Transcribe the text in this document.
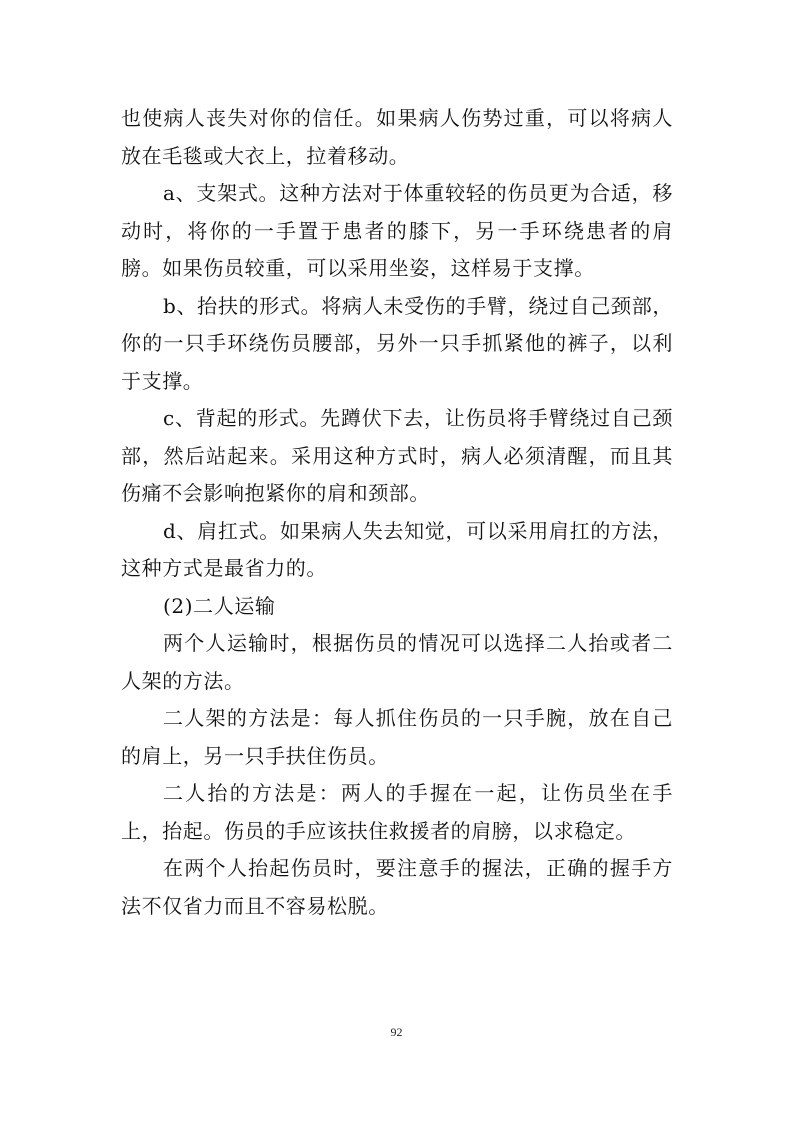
也使病人丧失对你的信任。如果病人伤势过重，可以将病人放在毛毯或大衣上，拉着移动。

a、支架式。这种方法对于体重较轻的伤员更为合适，移动时，将你的一手置于患者的膝下，另一手环绕患者的肩膀。如果伤员较重，可以采用坐姿，这样易于支撑。

b、抬扶的形式。将病人未受伤的手臂，绕过自己颈部，你的一只手环绕伤员腰部，另外一只手抓紧他的裤子，以利于支撑。

c、背起的形式。先蹲伏下去，让伤员将手臂绕过自己颈部，然后站起来。采用这种方式时，病人必须清醒，而且其伤痛不会影响抱紧你的肩和颈部。

d、肩扛式。如果病人失去知觉，可以采用肩扛的方法，这种方式是最省力的。

(2)二人运输

两个人运输时，根据伤员的情况可以选择二人抬或者二人架的方法。

二人架的方法是：每人抓住伤员的一只手腕，放在自己的肩上，另一只手扶住伤员。

二人抬的方法是：两人的手握在一起，让伤员坐在手上，抬起。伤员的手应该扶住救援者的肩膀，以求稳定。

在两个人抬起伤员时，要注意手的握法，正确的握手方法不仅省力而且不容易松脱。

92
